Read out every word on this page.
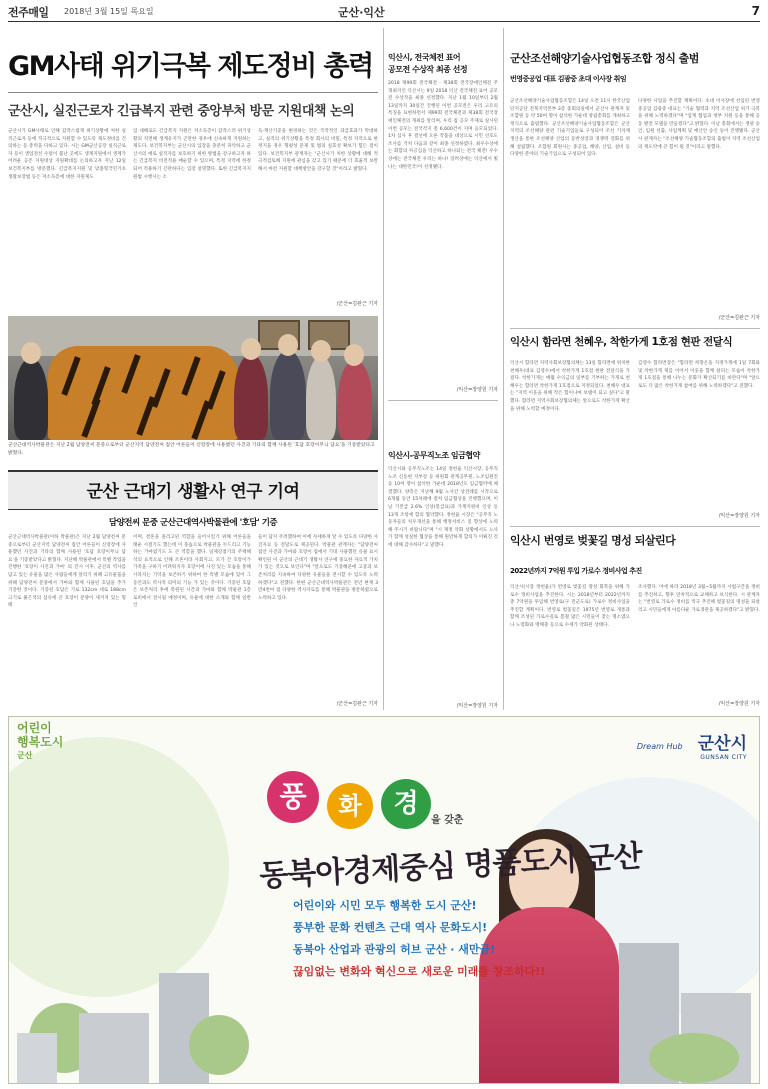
전주매일 2018년 3월 15일 목요일	군산·익산	7
GM사태 위기극복 제도정비 총력
군산시, 실진근로자 긴급복지 관련 중앙부처 방문 지원대책 논의
군산시가 GM사태로 인해 갑작스럽게 위기상황에 처한 실직근로자 등에 적극적으로 지원할 수 있도록 제도정비를 건의하는 등 총력을 다하고 있다. 시는 GM군산공장 실직근로자 등이 생업전선 수렁이 불난 곳에도 생계지원에서 생계가 어려운 공존 지원대상 지원확대를 논의하고자 지난 12일 보건복지부를 방문했다. 긴급복지지원 및 맞춤형국민기초생활보장법 등은 저소득층에 대한 지원제도
임 대해로도 긴급복지 지원은 저소득층이 갑작스러 위기상황의 직면해 생계유지가 곤란한 경우에 신속하게 지원하는 제도다. 보건복지부는 군산시의 입장을 충분히 파악하고 군산시의 애로 실직자를 보호하기 위한 방법을 강구하고자 하는 긴급복지 비전적용 매순할 수 있으며, 특정 지역에 한정되어 적용하기 긴란하다는 입장 설명했다. 또한 긴급복지지원법 시행시는 소
득·재산기준을 변경하는 것은 국작적인 과급효과가 막대하고, 실직의 위기상황을 특정 회사의 비밀, 특정 지역으로 한정지을 경우 형평성 문제 및 법의 실효성 확보가 힘든 점이 있다. 보건복지부 관계자는 "군산시가 처한 상황에 대해 적극적검토해 지원에 관심을 갖고 있기 때문에 더 효율적 보완해서 마련 지원할 대책방안을 강구할 것"이라고 밝혔다.
/군산=김완근 기자
군산근대역사박물관은 지난 2월 담양전씨 문중으로부터 군산지역 담양전씨 집안 어른들이 신랑장에 사용했던 사진과 기타의 함께 사용된 '호담 호랑이무늬 담요'을 기증받았다고 밝혔다.
군산 근대기 생활사 연구 기여
담양전씨 문중 군산근대역사박물관에 '호담' 기증
군산근대역사박물관(이하 박물관)은 지난 2월 담양전씨 문중으로부터 군산지역 담양전씨 집안 어른들이 신랑장에 사용했던 사진과 기타의 함께 사용된 '호담 호랑이무늬 담요'을 기증받았다고 밝혔다. 지난해 박물관에서 특별 작업을 진행한 '호랑이 사진과 가마' 의 진시 이후, 군산의 역사를 담고 있는 유물을 많은 사람들에게 알리기 위해 고유물품을 위해 담양전씨 문중에서 가마와 함께 사용된 호담을 추가 기증한 것이다. 기증된 호담은 가로 132cm 세로 188cm 크기로 붉은색의 섬유에 큰 호랑이 문양이 새겨져 있는 형태
이며, 결혼을 올리고된 역할을 들어시킬기 위해 어른들을 태운 시절기도 했는데 이 풍습으로 박물관을 두드리고 기능하는 가마였기도 도 큰 역할을 했다. 일제강점기의 주택해석의 표적으로 인해 조혼이라 사회지고, 모가 간 호랑이가 가족을 구하기 어려워지자 호랑이에 사진 있는 모습을 통해 사라지는 기억을 보존하기 위하여 한 특별 모습에 있어 그 동안과도 역사적 의미의 기능 가 있는 것이다. 기증된 호담은 보존처리 후에 복원된 시간과 가마와 함께 박물관 1층 로비에서 전시될 예정이며, 유물에 대한 소개와 함께 일반인
들이 담지 주려했하여 이에 자세하게 알 수 있도록 다양한 사진자료 등 전달도로 제공된다. 박물관 관계자는 "담양전씨 집안 사진과 가마와 호랑이 집에서 기네 사용했던 유물 표시 확인된 이 군산의 근대기 생활사 연구에 중요한 자료적 가치가 있는 것으로 보인다"며 "앞으로도 기증해준에 고증과 보존처리를 지속하여 다양한 유물들을 전시할 수 있도록 노력하겠다"고 전했다. 한편 군산근대역사박물관은 전년 현재 3만4천여 점 다양한 역사자료를 통해 박물관을 방문하였으로 노력하고 있다.
/군산=김완근 기자
익산시, 전국체전 표어
공모전 수상작 최종 선정
2018 제99회 전국체전 · 제38회 전국장애인체전 주 개최지인 익산시는 9일 2018 익산 전국체전 표어 공모전 수상작을 최종 선정했다. 지난 1월 10일부터 2월 13일까지 30일간 진행된 이번 공모전은 우리 고유의 특징을 표현하면서 제99회 전국체전과 제38회 전국장애인체전의 개최를 알리며, 우리 집 공모 주제로 실시된 이번 공모는 전국각지 총 6,600건이 지며 응모되었다. 1차 심사 후 결선에 오른 작품을 대상으로 시민 선호도 조사를 거쳐 다음과 같이 최종 선정하였다. 최우수상에는 화합의 자긍심을 익산하고 하나되는 전국 체전! 우수상에는 전국체전 우리는 하나! 장려상에는 익산에서 빛나는 대한민국!이 선정됐다.
/익산=장양원 기자
익산시-공무직노조 임금협약
익산시와 공무직노조는 14일 정헌율 익산시장, 공무직노조 신동현 지부장 등 위원회 관계공무원, 노조임원진 등 10여 명이 참석한 가운데 2018년도 임금협약에 체결했다. 양측은 지난해 9월 노사간 상견례를 시작으로 6개월 동안 15차례에 걸쳐 임금협상을 진행했으며, 이날 기본급 2.6% 인상(봉급표)과 가계지원비 인상 등 13개 조항에 합의 협약했다. 정헌율 시장은 "공무직 노동자들의 처우개선을 통해 행정서비스 질 향상에 노력해 주시기 바랍니다"며 "시 재정 악화 상황에서도 노사가 함께 성실한 협상을 통해 원만하게 합의가 이뤄진 것에 대해 감사하다"고 말했다.
/익산=장양원 기자
군산조선해양기술사업협동조합 정식 출범
번영중공업 대표 김광중 초대 이사장 취임
군산조선해양기술사업협동조합은 14일 오전 11시 한국산업단지공단 전북지역본부 3층 중회의실에서 군산시 관계자 및 조합원 등 약 50여 명이 참석한 가운데 창립총회를 개최하고 정식으로 출범했다. 군산조선해양기술사업협동조합은 군산지역의 조선해양 관련 기술기업들로 구성되어 조선 기자재 생산을 통한 조선해양 산업의 동반성장과 경쟁력 강화를 위해 설립했다. 조합원 회원사는 중공업, 해양, 산업, 설비 등 다양한 분야의 기술기업으로 구성되어 있다.
다양한 사업을 추진할 계획이다. 초대 이사장에 선임된 번영중공업 김광중 대표는 "기술 협력과 지역 조선산업 위기 극복을 위해 노력하겠다"며 "업계 협업과 정부 지원 등을 통해 공동 발전 모델을 만들겠다"고 밝혔다. 이날 총회에서는 정관 승인, 임원 선출, 사업계획 및 예산안 승인 등이 진행됐다. 군산시 관계자는 "조선해양 기술협동조합의 출범이 지역 조선산업의 재도약에 큰 힘이 될 것"이라고 말했다.
/군산=김완근 기자
익산시 함라면 천혜우, 착한가게 1호점 현판 전달식
익산시 함라면 지역사회보장협의체는 13일 함라면에 위치한 천혜우(대표 김영수)에서 착한가게 1호점 현판 전달식을 가졌다. 착한가게는 매월 수익금의 일부를 기부하는 가게로 천혜우는 함라면 착한가게 1호점으로 지정되었다. 천혜우 대표는 "지역 이웃을 위해 작은 힘이나마 보탬이 되고 싶다"고 말했다. 함라면 지역사회보장협의체는 앞으로도 착한가게 확산을 위해 노력할 예정이다.
김영수 함라면장은 "함라면 희망온돌 지정가게에 1일 7회와 및 착한가게 제를 이어서 이웃을 함께 살피는 모습이 착한가게 1호점을 통해 나누는 문화가 확산되기를 바란다"며 "앞으로도 더 많은 착한가게 참여를 위해 노력하겠다"고 전했다.
/익산=장양원 기자
익산시 번영로 벚꽃길 명성 되살린다
2022년까지 7억원 투입 가로수 정비사업 추진
익산시(시장 정헌율)가 번영로 벚꽃길 명성 회복을 위해 가로수 정비사업을 추진한다. 시는 2018년부터 2022년까지 총 7억원을 투입해 번영로(구 전군도로) 가로수 정비사업을 추진할 계획이다. 번영로 벚꽃길은 1975년 번영로 개통과 함께 조성된 가로수길로 봄철 많은 시민들이 찾는 명소였으나 노령화와 병해충 등으로 수세가 약화된 상태다.
조사했다. 이에 따라 2018년 3월~5월까지 시범구간을 정비를 추진하고, 향후 연차적으로 교체하고 보식한다. 시 관계자는 "번영로 가로수 정비를 적극 추진해 벚꽃길의 명성을 되살리고 시민들에게 아름다운 가로경관을 제공하겠다"고 밝혔다.
/익산=장양원 기자
어린이
행복도시
군산
Dream Hub 군산시
GUNSAN CITY
풍	화	경
을 갖춘
동북아경제중심 명품도시 군산
어린이와 시민 모두 행복한 도시 군산!
풍부한 문화 컨텐츠 근대 역사 문화도시!
동북아 산업과 관광의 허브 군산 · 새만금!
끊임없는 변화와 혁신으로 새로운 미래를 창조하다!!
